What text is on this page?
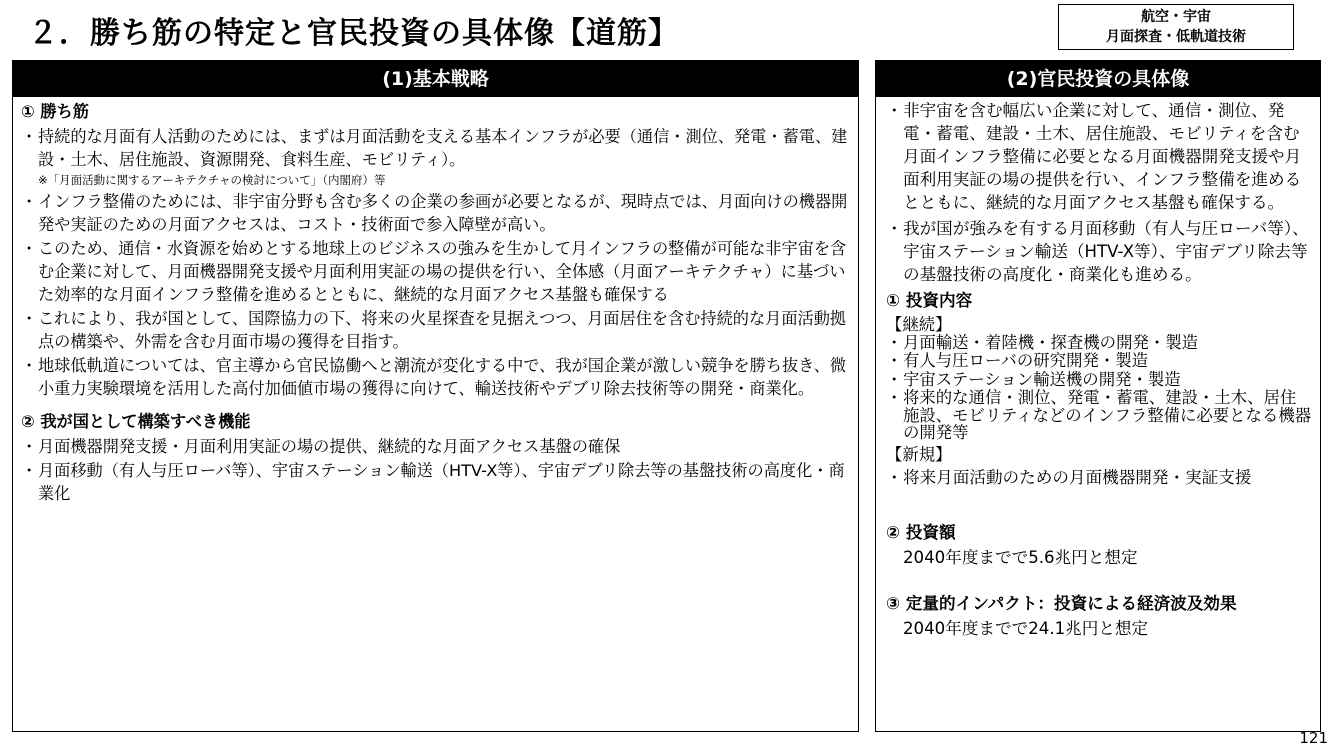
２．勝ち筋の特定と官民投資の具体像【道筋】	航空・宇宙
月面探査・低軌道技術
(1)基本戦略
① 勝ち筋
・ 持続的な月面有人活動のためには、まずは月面活動を支える基本インフラが必要（通信・測位、発電・蓄電、建設・土木、居住施設、資源開発、食料生産、モビリティ）。
※「月面活動に関するアーキテクチャの検討について」（内閣府）等
・ インフラ整備のためには、非宇宙分野も含む多くの企業の参画が必要となるが、現時点では、月面向けの機器開発や実証のための月面アクセスは、コスト・技術面で参入障壁が高い。
・ このため、通信・水資源を始めとする地球上のビジネスの強みを生かして月インフラの整備が可能な非宇宙を含む企業に対して、月面機器開発支援や月面利用実証の場の提供を行い、全体感（月面アーキテクチャ）に基づいた効率的な月面インフラ整備を進めるとともに、継続的な月面アクセス基盤も確保する
・ これにより、我が国として、国際協力の下、将来の火星探査を見据えつつ、月面居住を含む持続的な月面活動拠点の構築や、外需を含む月面市場の獲得を目指す。
・ 地球低軌道については、官主導から官民協働へと潮流が変化する中で、我が国企業が激しい競争を勝ち抜き、微小重力実験環境を活用した高付加価値市場の獲得に向けて、輸送技術やデブリ除去技術等の開発・商業化。
② 我が国として構築すべき機能
・ 月面機器開発支援・月面利用実証の場の提供、継続的な月面アクセス基盤の確保
・ 月面移動（有人与圧ローバ等）、宇宙ステーション輸送（HTV-X等）、宇宙デブリ除去等の基盤技術の高度化・商業化
(2)官民投資の具体像
・ 非宇宙を含む幅広い企業に対して、通信・測位、発電・蓄電、建設・土木、居住施設、モビリティを含む月面インフラ整備に必要となる月面機器開発支援や月面利用実証の場の提供を行い、インフラ整備を進めるとともに、継続的な月面アクセス基盤も確保する。
・ 我が国が強みを有する月面移動（有人与圧ローバ等）、宇宙ステーション輸送（HTV-X等）、宇宙デブリ除去等の基盤技術の高度化・商業化も進める。
① 投資内容
【継続】
・ 月面輸送・着陸機・探査機の開発・製造
・ 有人与圧ローバの研究開発・製造
・ 宇宙ステーション輸送機の開発・製造
・ 将来的な通信・測位、発電・蓄電、建設・土木、居住施設、モビリティなどのインフラ整備に必要となる機器の開発等
【新規】
・ 将来月面活動のための月面機器開発・実証支援
② 投資額
2040年度までで5.6兆円と想定
③ 定量的インパクト：投資による経済波及効果
2040年度までで24.1兆円と想定
121
